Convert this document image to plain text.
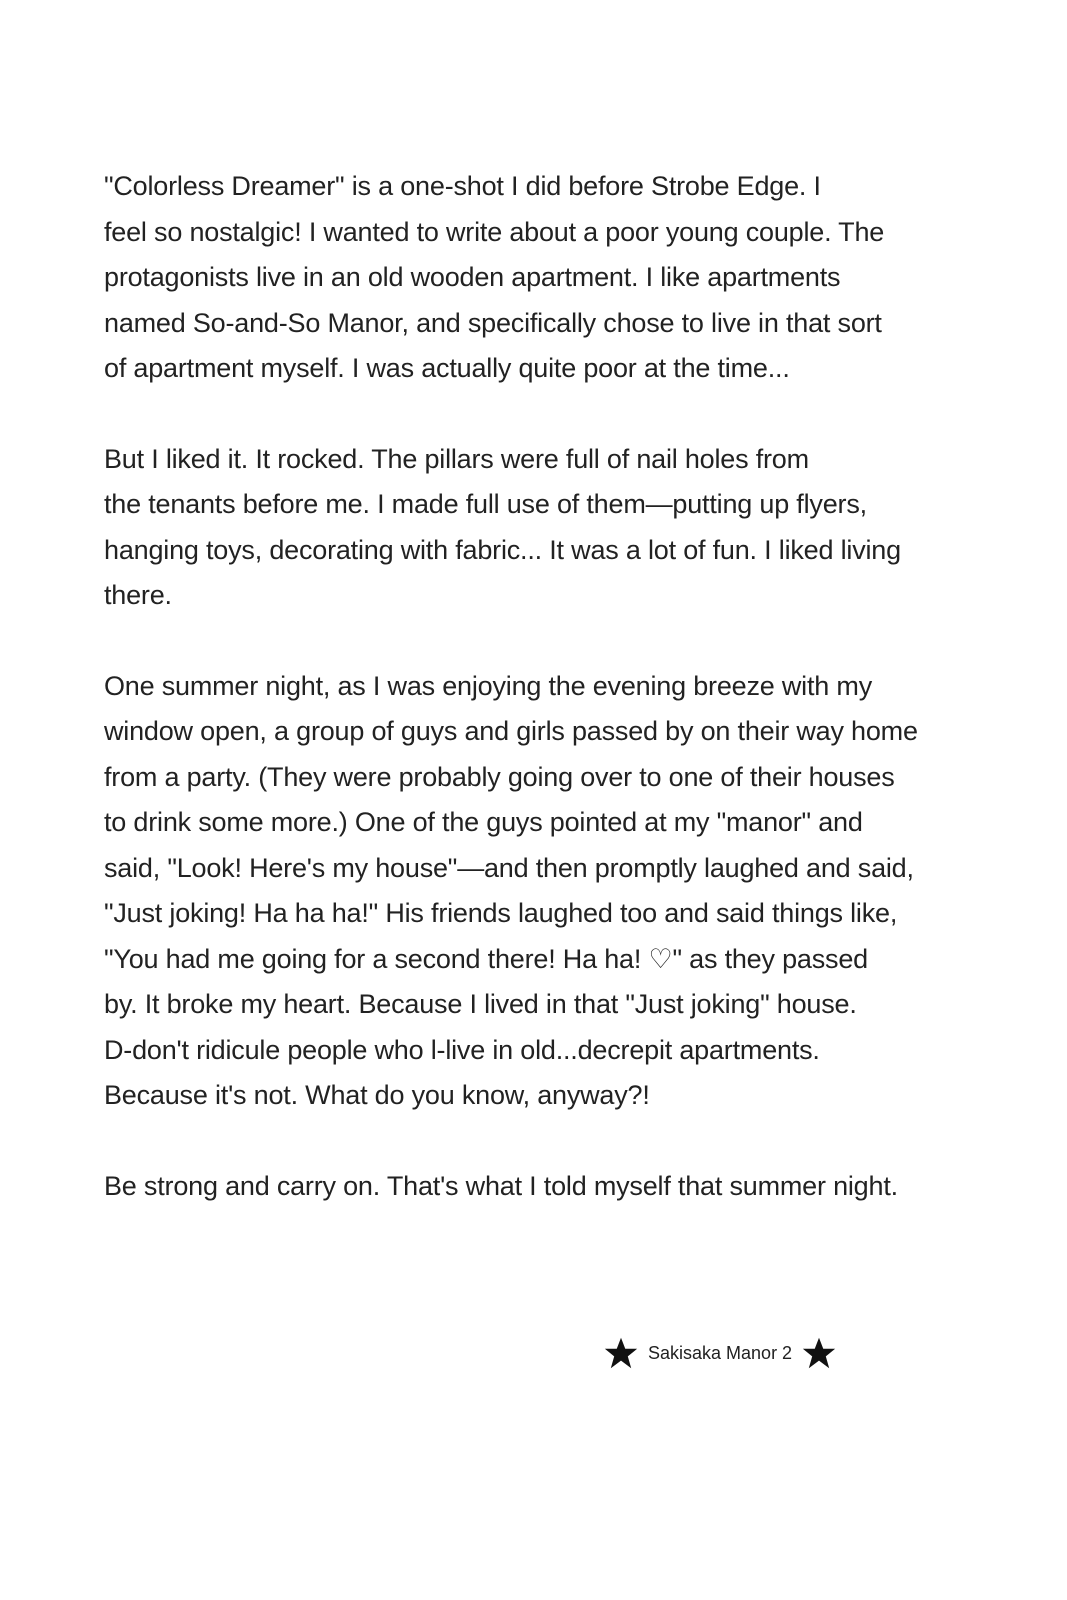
"Colorless Dreamer" is a one-shot I did before Strobe Edge. I
feel so nostalgic! I wanted to write about a poor young couple. The
protagonists live in an old wooden apartment. I like apartments
named So-and-So Manor, and specifically chose to live in that sort
of apartment myself. I was actually quite poor at the time...

But I liked it. It rocked. The pillars were full of nail holes from
the tenants before me. I made full use of them—putting up flyers,
hanging toys, decorating with fabric... It was a lot of fun. I liked living
there.

One summer night, as I was enjoying the evening breeze with my
window open, a group of guys and girls passed by on their way home
from a party. (They were probably going over to one of their houses
to drink some more.) One of the guys pointed at my "manor" and
said, "Look! Here's my house"—and then promptly laughed and said,
"Just joking! Ha ha ha!" His friends laughed too and said things like,
"You had me going for a second there! Ha ha! ♡" as they passed
by. It broke my heart. Because I lived in that "Just joking" house.
D-don't ridicule people who l-live in old...decrepit apartments.
Because it's not. What do you know, anyway?!

Be strong and carry on. That's what I told myself that summer night.

Sakisaka Manor 2
